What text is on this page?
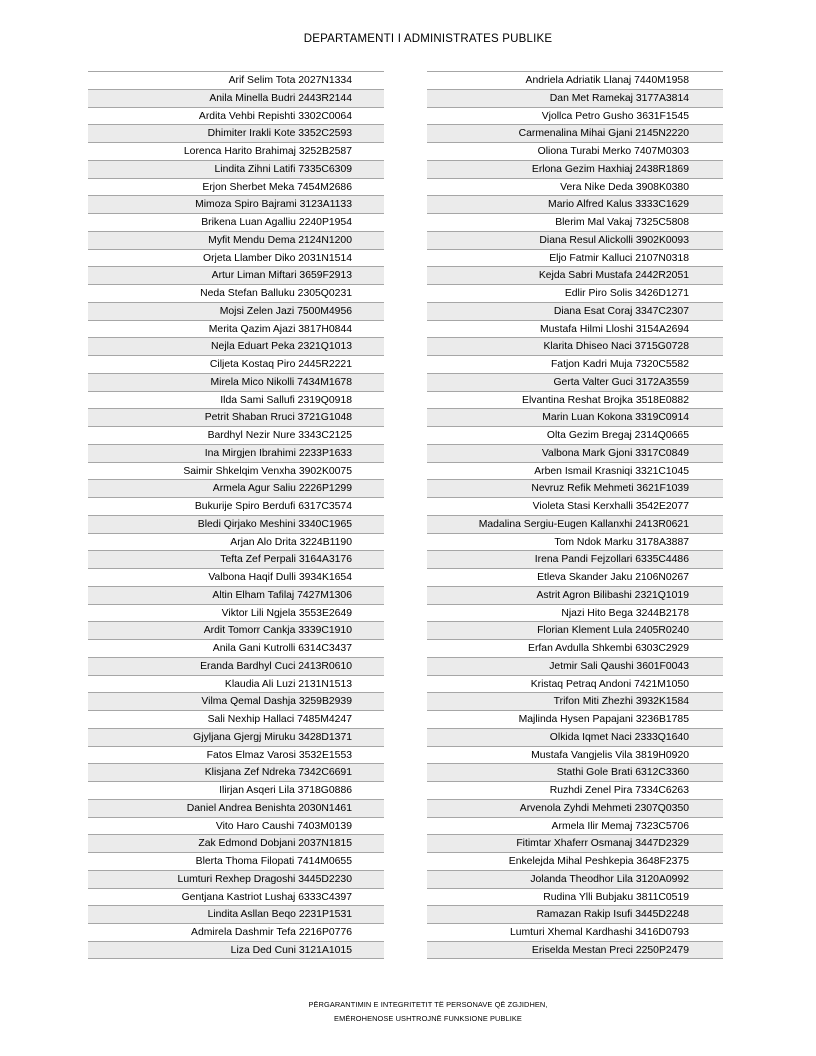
DEPARTAMENTI I ADMINISTRATES PUBLIKE
Arif Selim Tota 2027N1334
Anila Minella Budri 2443R2144
Ardita Vehbi Repishti 3302C0064
Dhimiter Irakli Kote 3352C2593
Lorenca Harito Brahimaj 3252B2587
Lindita Zihni Latifi 7335C6309
Erjon Sherbet Meka 7454M2686
Mimoza Spiro Bajrami 3123A1133
Brikena Luan Agalliu 2240P1954
Myfit Mendu Dema 2124N1200
Orjeta Llamber Diko 2031N1514
Artur Liman Miftari 3659F2913
Neda Stefan Balluku 2305Q0231
Mojsi Zelen Jazi 7500M4956
Merita Qazim Ajazi 3817H0844
Nejla Eduart Peka 2321Q1013
Ciljeta Kostaq Piro 2445R2221
Mirela Mico Nikolli 7434M1678
Ilda Sami Sallufi 2319Q0918
Petrit Shaban Rruci 3721G1048
Bardhyl Nezir Nure 3343C2125
Ina Mirgjen Ibrahimi 2233P1633
Saimir Shkelqim Venxha 3902K0075
Armela Agur Saliu 2226P1299
Bukurije Spiro Berdufi 6317C3574
Bledi Qirjako Meshini 3340C1965
Arjan Alo Drita 3224B1190
Tefta Zef Perpali 3164A3176
Valbona Haqif Dulli 3934K1654
Altin Elham Tafilaj 7427M1306
Viktor Lili Ngjela 3553E2649
Ardit Tomorr Cankja 3339C1910
Anila Gani Kutrolli 6314C3437
Eranda Bardhyl Cuci 2413R0610
Klaudia Ali Luzi 2131N1513
Vilma Qemal Dashja 3259B2939
Sali Nexhip Hallaci 7485M4247
Gjyljana Gjergj Miruku 3428D1371
Fatos Elmaz Varosi 3532E1553
Klisjana Zef Ndreka 7342C6691
Ilirjan Asqeri Lila 3718G0886
Daniel Andrea Benishta 2030N1461
Vito Haro Caushi 7403M0139
Zak Edmond Dobjani 2037N1815
Blerta Thoma Filopati 7414M0655
Lumturi Rexhep Dragoshi 3445D2230
Gentjana Kastriot Lushaj 6333C4397
Lindita Asllan Beqo 2231P1531
Admirela Dashmir Tefa 2216P0776
Liza Ded Cuni 3121A1015
Andriela Adriatik Llanaj 7440M1958
Dan Met Ramekaj 3177A3814
Vjollca Petro Gusho 3631F1545
Carmenalina Mihai Gjani 2145N2220
Oliona Turabi Merko 7407M0303
Erlona Gezim Haxhiaj 2438R1869
Vera Nike Deda 3908K0380
Mario Alfred Kalus 3333C1629
Blerim Mal Vakaj 7325C5808
Diana Resul Alickolli 3902K0093
Eljo Fatmir Kalluci 2107N0318
Kejda Sabri Mustafa 2442R2051
Edlir Piro Solis 3426D1271
Diana Esat Coraj 3347C2307
Mustafa Hilmi Lloshi 3154A2694
Klarita Dhiseo Naci 3715G0728
Fatjon Kadri Muja 7320C5582
Gerta Valter Guci 3172A3559
Elvantina Reshat Brojka 3518E0882
Marin Luan Kokona 3319C0914
Olta Gezim Bregaj 2314Q0665
Valbona Mark Gjoni 3317C0849
Arben Ismail Krasniqi 3321C1045
Nevruz Refik Mehmeti 3621F1039
Violeta Stasi Kerxhalli 3542E2077
Madalina Sergiu-Eugen Kallanxhi 2413R0621
Tom Ndok Marku 3178A3887
Irena Pandi Fejzollari 6335C4486
Etleva Skander Jaku 2106N0267
Astrit Agron Bilibashi 2321Q1019
Njazi Hito Bega 3244B2178
Florian Klement Lula 2405R0240
Erfan Avdulla Shkembi 6303C2929
Jetmir Sali Qaushi 3601F0043
Kristaq Petraq Andoni 7421M1050
Trifon Miti Zhezhi 3932K1584
Majlinda Hysen Papajani 3236B1785
Olkida Iqmet Naci 2333Q1640
Mustafa Vangjelis Vila 3819H0920
Stathi Gole Brati 6312C3360
Ruzhdi Zenel Pira 7334C6263
Arvenola Zyhdi Mehmeti 2307Q0350
Armela Ilir Memaj 7323C5706
Fitimtar Xhaferr Osmanaj 3447D2329
Enkelejda Mihal Peshkepia 3648F2375
Jolanda Theodhor Lila 3120A0992
Rudina Ylli Bubjaku 3811C0519
Ramazan Rakip Isufi 3445D2248
Lumturi Xhemal Kardhashi 3416D0793
Eriselda Mestan Preci 2250P2479
PËRGARANTIMIN E INTEGRITETIT TË PERSONAVE QË ZGJIDHEN,
EMËROHENOSE USHTROJNË FUNKSIONE PUBLIKE
